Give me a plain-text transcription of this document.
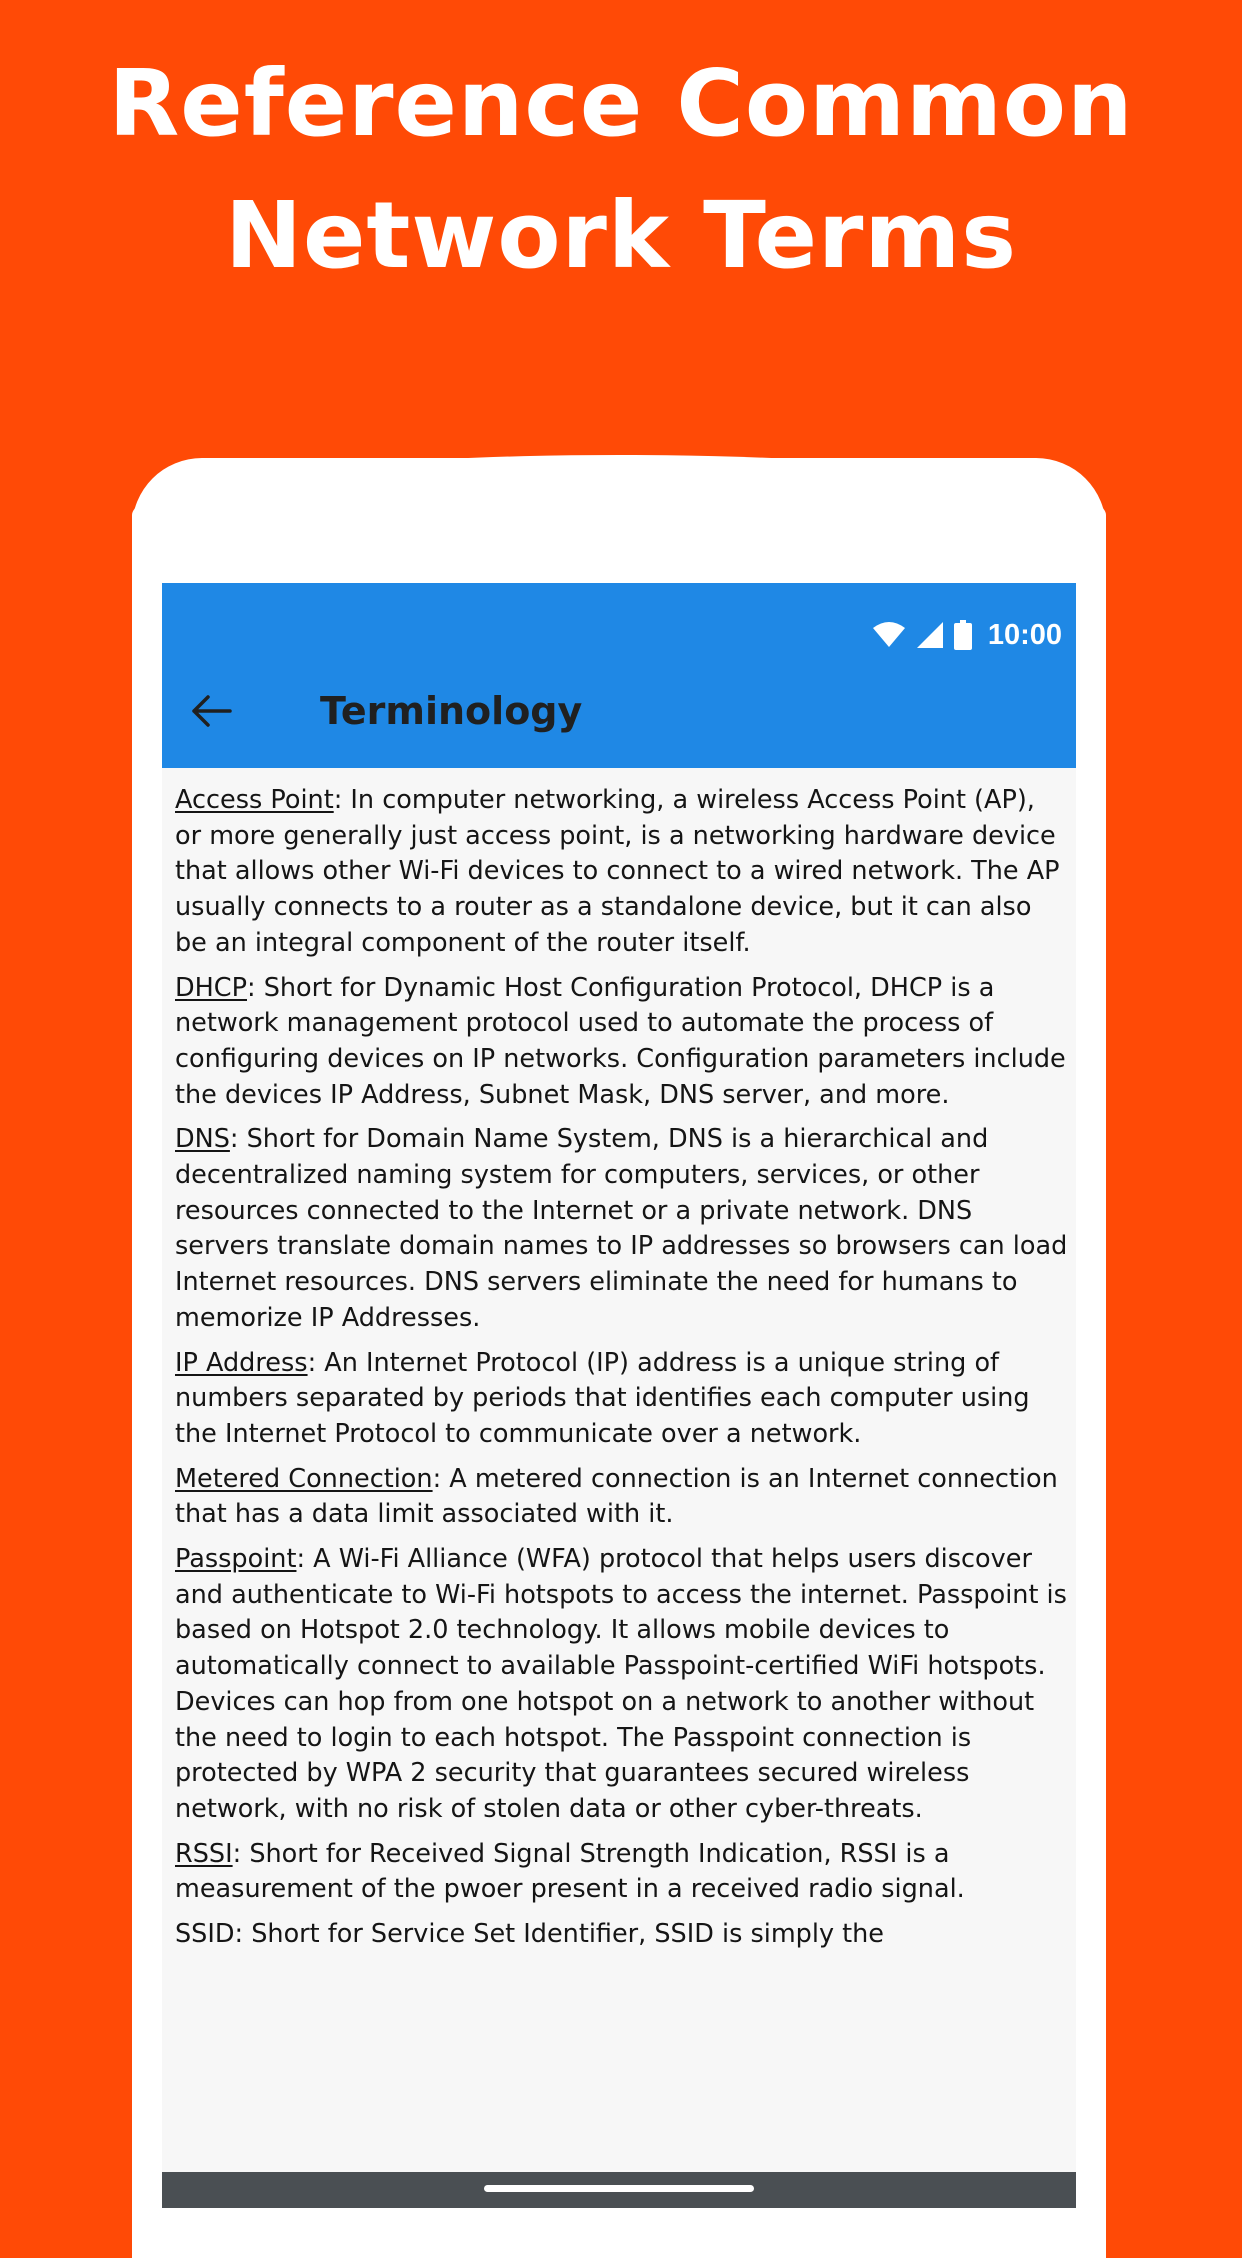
Reference Common
Network Terms
10:00
Terminology

Access Point: In computer networking, a wireless Access Point (AP), or more generally just access point, is a networking hardware device that allows other Wi-Fi devices to connect to a wired network. The AP usually connects to a router as a standalone device, but it can also be an integral component of the router itself.

DHCP: Short for Dynamic Host Configuration Protocol, DHCP is a network management protocol used to automate the process of configuring devices on IP networks. Configuration parameters include the devices IP Address, Subnet Mask, DNS server, and more.

DNS: Short for Domain Name System, DNS is a hierarchical and decentralized naming system for computers, services, or other resources connected to the Internet or a private network. DNS servers translate domain names to IP addresses so browsers can load Internet resources. DNS servers eliminate the need for humans to memorize IP Addresses.

IP Address: An Internet Protocol (IP) address is a unique string of numbers separated by periods that identifies each computer using the Internet Protocol to communicate over a network.

Metered Connection: A metered connection is an Internet connection that has a data limit associated with it.

Passpoint: A Wi-Fi Alliance (WFA) protocol that helps users discover and authenticate to Wi-Fi hotspots to access the internet. Passpoint is based on Hotspot 2.0 technology. It allows mobile devices to automatically connect to available Passpoint-certified WiFi hotspots. Devices can hop from one hotspot on a network to another without the need to login to each hotspot. The Passpoint connection is protected by WPA 2 security that guarantees secured wireless network, with no risk of stolen data or other cyber-threats.

RSSI: Short for Received Signal Strength Indication, RSSI is a measurement of the pwoer present in a received radio signal.

SSID: Short for Service Set Identifier, SSID is simply the
